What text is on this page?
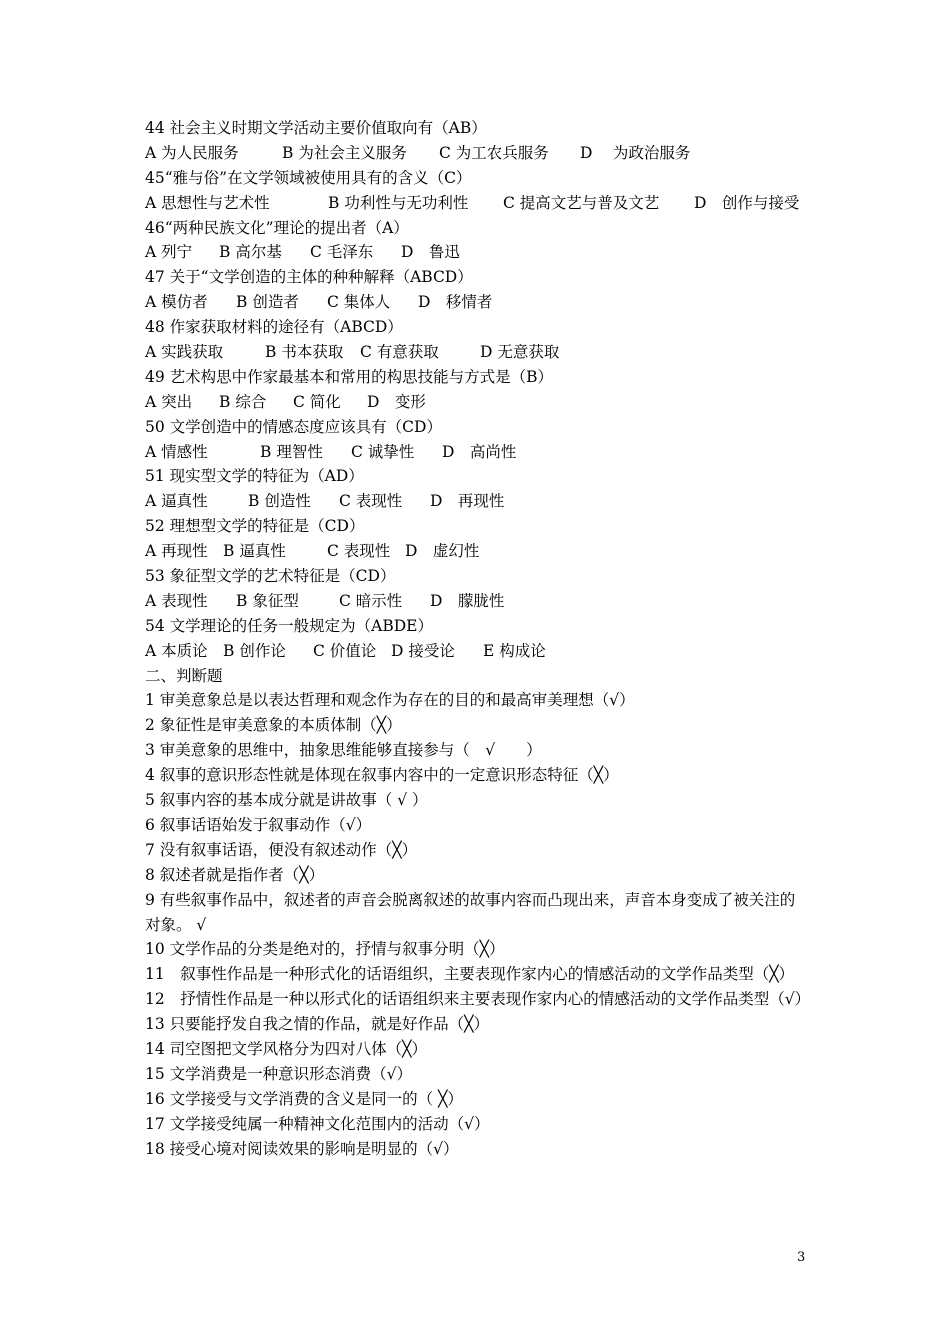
44 社会主义时期文学活动主要价值取向有（AB）
A 为人民服务	B 为社会主义服务 C 为工农兵服务 D　 为政治服务
45“雅与俗”在文学领域被使用具有的含义（C）
A 思想性与艺术性	B 功利性与无功利性 C 提高文艺与普及文艺 D　创作与接受
46“两种民族文化”理论的提出者（A）
A 列宁 B 高尔基 C 毛泽东 D　鲁迅
47 关于“文学创造的主体的种种解释（ABCD）
A 模仿者 B 创造者 C 集体人 D　移情者
48 作家获取材料的途径有（ABCD）
A 实践获取	B 书本获取 C 有意获取	D 无意获取
49 艺术构思中作家最基本和常用的构思技能与方式是（B）
A 突出 B 综合 C 简化 D　变形
50 文学创造中的情感态度应该具有（CD）
A 情感性	B 理智性 C 诚挚性 D　高尚性
51 现实型文学的特征为（AD）
A 逼真性	B 创造性 C 表现性 D　再现性
52 理想型文学的特征是（CD）
A 再现性 B 逼真性	C 表现性 D　虚幻性
53 象征型文学的艺术特征是（CD）
A 表现性 B 象征型	C 暗示性 D　朦胧性
54 文学理论的任务一般规定为（ABDE）
A 本质论 B 创作论 C 价值论 D 接受论 E 构成论
二、判断题
1 审美意象总是以表达哲理和观念作为存在的目的和最高审美理想（√）
2 象征性是审美意象的本质体制（╳）
3 审美意象的思维中，抽象思维能够直接参与（　√　　）
4 叙事的意识形态性就是体现在叙事内容中的一定意识形态特征（╳）
5 叙事内容的基本成分就是讲故事（ √ ）
6 叙事话语始发于叙事动作（√）
7 没有叙事话语，便没有叙述动作（╳）
8 叙述者就是指作者（╳）
9 有些叙事作品中，叙述者的声音会脱离叙述的故事内容而凸现出来，声音本身变成了被关注的对象。 √
10 文学作品的分类是绝对的，抒情与叙事分明（╳）
11　叙事性作品是一种形式化的话语组织，主要表现作家内心的情感活动的文学作品类型（╳）
12　抒情性作品是一种以形式化的话语组织来主要表现作家内心的情感活动的文学作品类型（√）
13 只要能抒发自我之情的作品，就是好作品（╳）
14 司空图把文学风格分为四对八体（╳）
15 文学消费是一种意识形态消费（√）
16 文学接受与文学消费的含义是同一的（ ╳）
17 文学接受纯属一种精神文化范围内的活动（√）
18 接受心境对阅读效果的影响是明显的（√）
3
